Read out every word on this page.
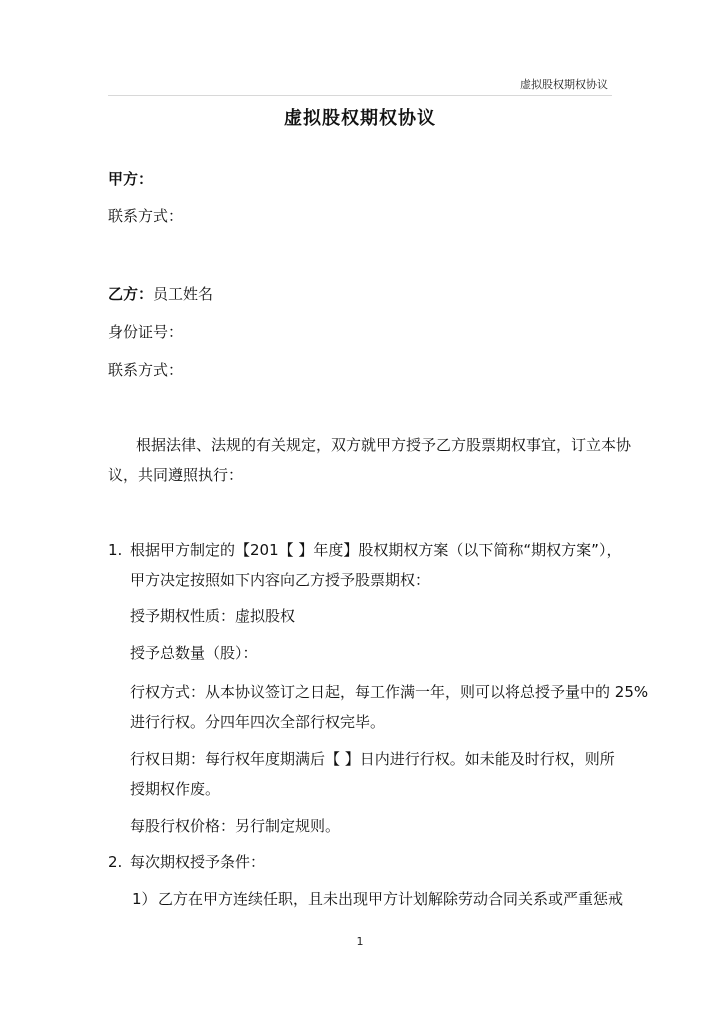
虚拟股权期权协议
虚拟股权期权协议
甲方：
联系方式：
乙方：员工姓名
身份证号：
联系方式：
根据法律、法规的有关规定，双方就甲方授予乙方股票期权事宜，订立本协
议，共同遵照执行：
1. 根据甲方制定的【201【 】年度】股权期权方案（以下简称“期权方案”），
甲方决定按照如下内容向乙方授予股票期权：
授予期权性质：虚拟股权
授予总数量（股）：
行权方式：从本协议签订之日起，每工作满一年，则可以将总授予量中的 25%
进行行权。分四年四次全部行权完毕。
行权日期：每行权年度期满后【 】日内进行行权。如未能及时行权，则所
授期权作废。
每股行权价格：另行制定规则。
2. 每次期权授予条件：
1）乙方在甲方连续任职，且未出现甲方计划解除劳动合同关系或严重惩戒
1
